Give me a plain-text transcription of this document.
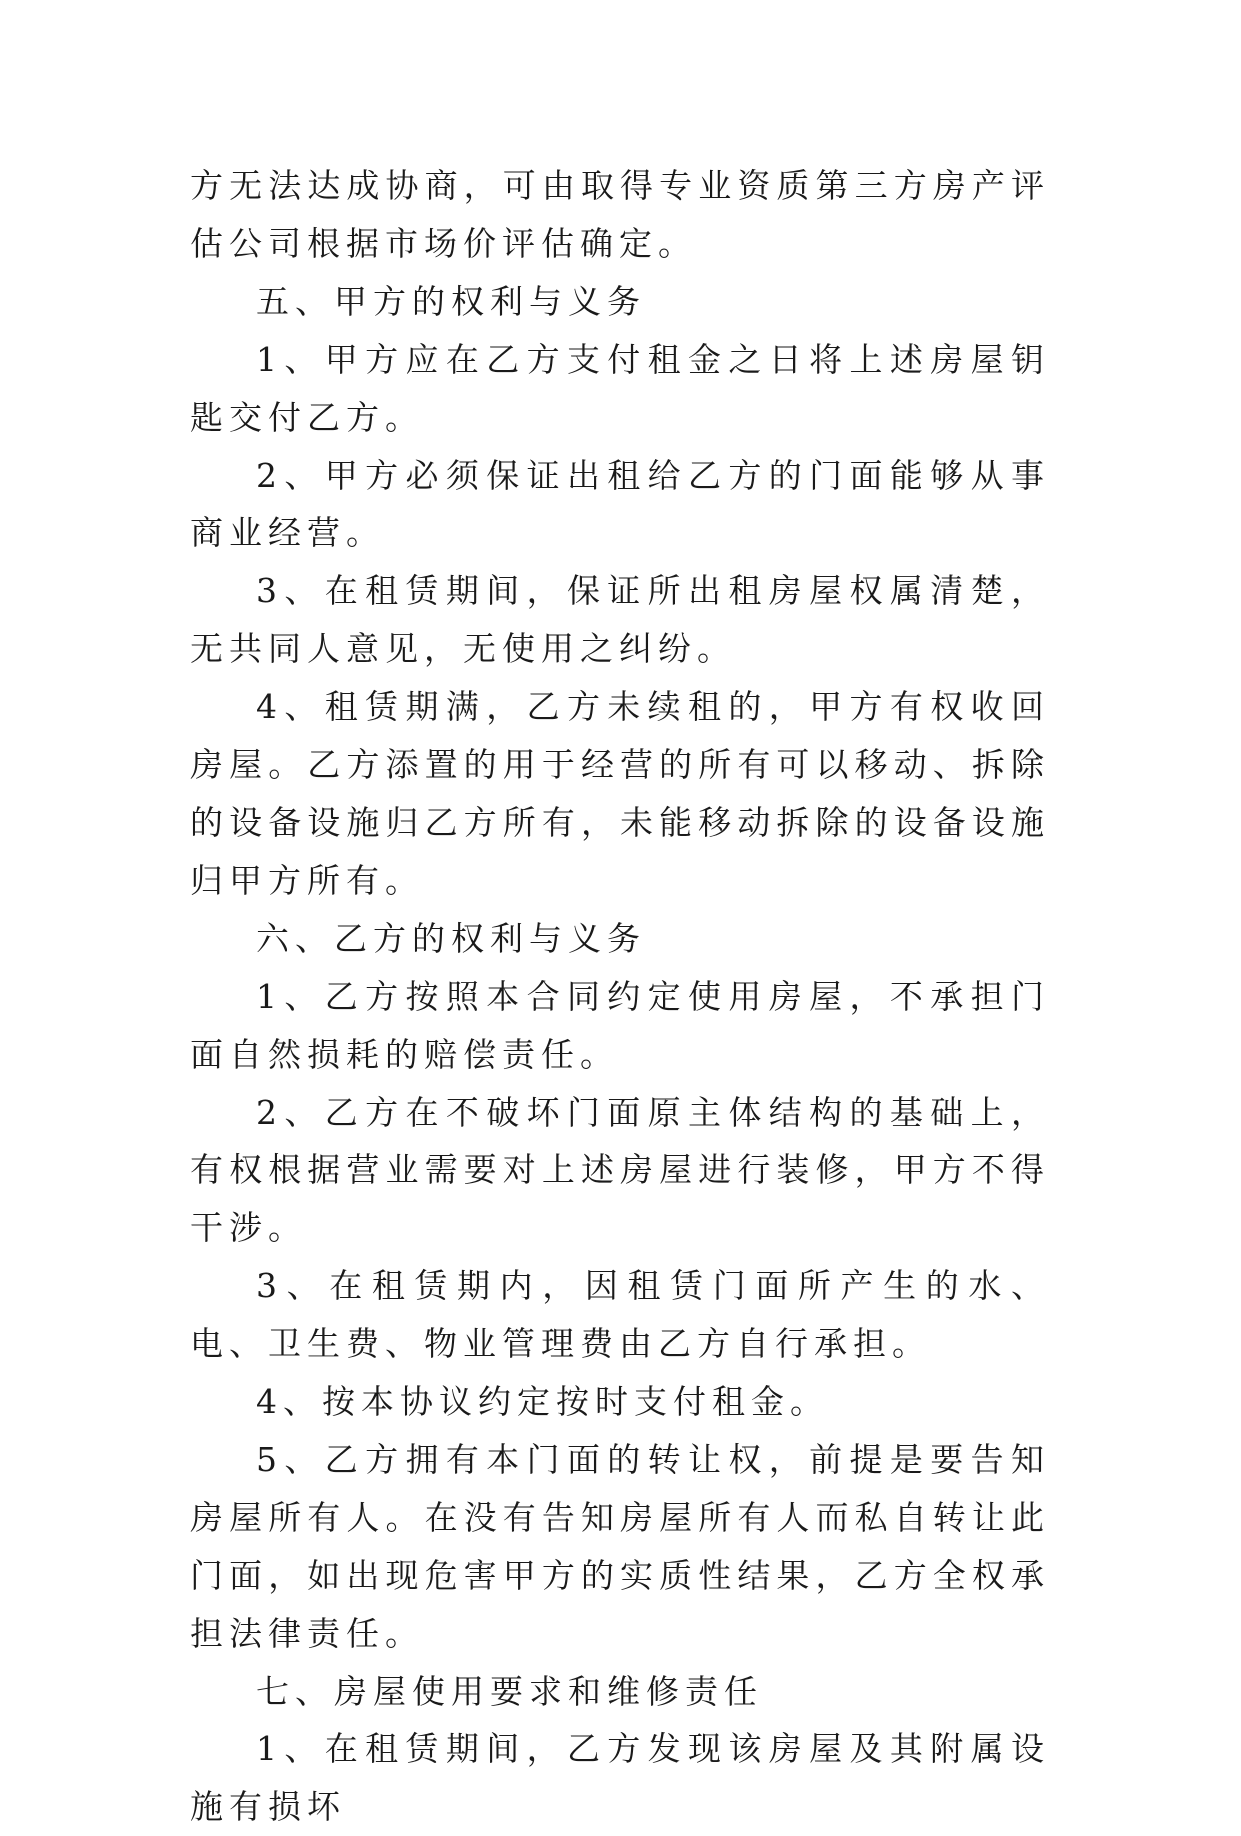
方无法达成协商，可由取得专业资质第三方房产评估公司根据市场价评估确定。

五、甲方的权利与义务

1、甲方应在乙方支付租金之日将上述房屋钥匙交付乙方。

2、甲方必须保证出租给乙方的门面能够从事商业经营。

3、在租赁期间，保证所出租房屋权属清楚，无共同人意见，无使用之纠纷。

4、租赁期满，乙方未续租的，甲方有权收回房屋。乙方添置的用于经营的所有可以移动、拆除的设备设施归乙方所有，未能移动拆除的设备设施归甲方所有。

六、乙方的权利与义务

1、乙方按照本合同约定使用房屋，不承担门面自然损耗的赔偿责任。

2、乙方在不破坏门面原主体结构的基础上，有权根据营业需要对上述房屋进行装修，甲方不得干涉。

3、在租赁期内，因租赁门面所产生的水、电、卫生费、物业管理费由乙方自行承担。

4、按本协议约定按时支付租金。

5、乙方拥有本门面的转让权，前提是要告知房屋所有人。在没有告知房屋所有人而私自转让此门面，如出现危害甲方的实质性结果，乙方全权承担法律责任。

七、房屋使用要求和维修责任

1、在租赁期间，乙方发现该房屋及其附属设施有损坏
